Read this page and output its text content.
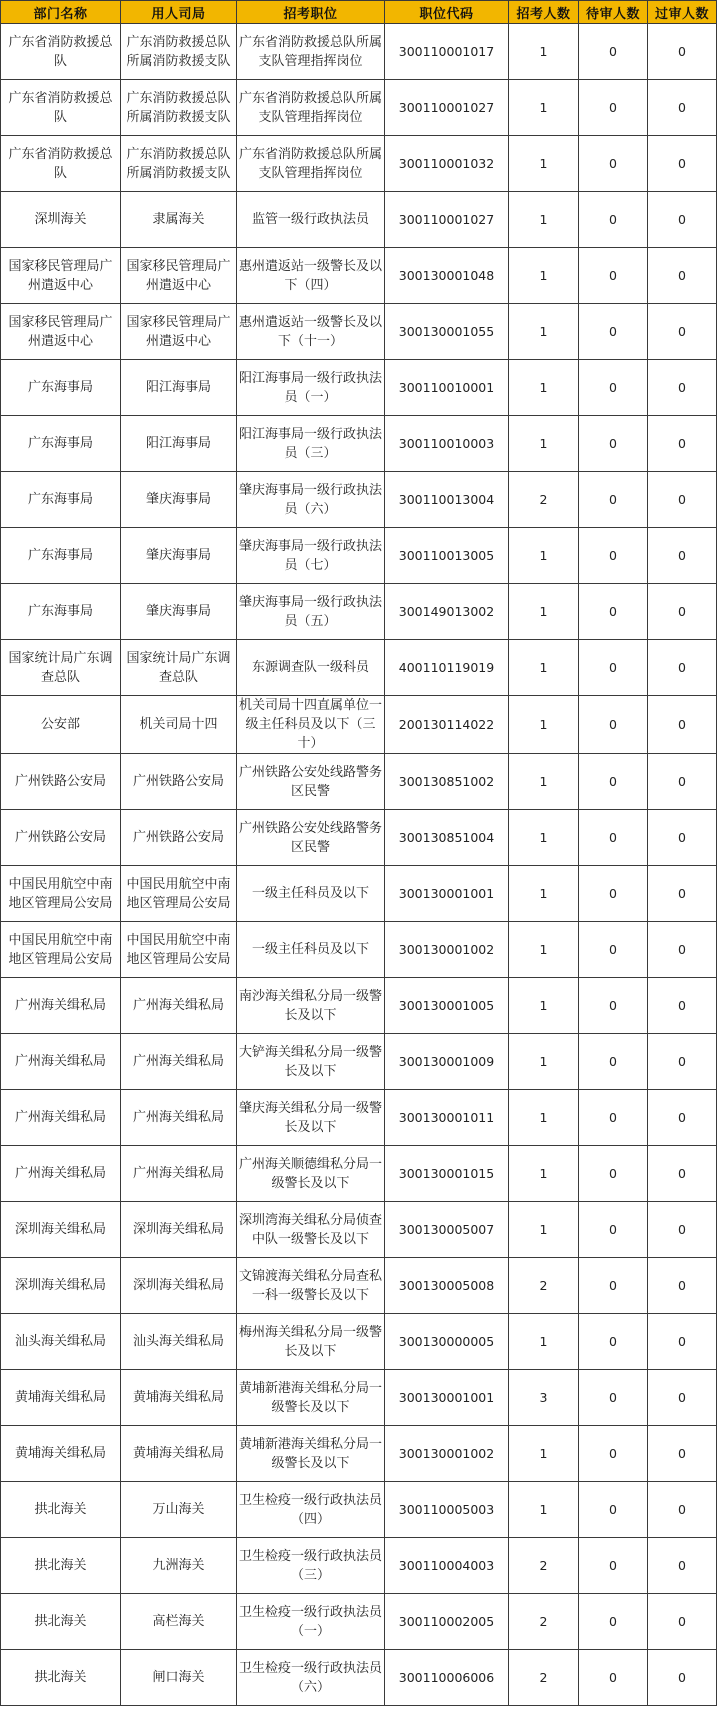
部门名称	用人司局	招考职位	职位代码	招考人数	待审人数	过审人数
广东省消防救援总队	广东消防救援总队所属消防救援支队	广东省消防救援总队所属支队管理指挥岗位	300110001017	1	0	0
广东省消防救援总队	广东消防救援总队所属消防救援支队	广东省消防救援总队所属支队管理指挥岗位	300110001027	1	0	0
广东省消防救援总队	广东消防救援总队所属消防救援支队	广东省消防救援总队所属支队管理指挥岗位	300110001032	1	0	0
深圳海关	隶属海关	监管一级行政执法员	300110001027	1	0	0
国家移民管理局广州遣返中心	国家移民管理局广州遣返中心	惠州遣返站一级警长及以下（四）	300130001048	1	0	0
国家移民管理局广州遣返中心	国家移民管理局广州遣返中心	惠州遣返站一级警长及以下（十一）	300130001055	1	0	0
广东海事局	阳江海事局	阳江海事局一级行政执法员（一）	300110010001	1	0	0
广东海事局	阳江海事局	阳江海事局一级行政执法员（三）	300110010003	1	0	0
广东海事局	肇庆海事局	肇庆海事局一级行政执法员（六）	300110013004	2	0	0
广东海事局	肇庆海事局	肇庆海事局一级行政执法员（七）	300110013005	1	0	0
广东海事局	肇庆海事局	肇庆海事局一级行政执法员（五）	300149013002	1	0	0
国家统计局广东调查总队	国家统计局广东调查总队	东源调查队一级科员	400110119019	1	0	0
公安部	机关司局十四	机关司局十四直属单位一级主任科员及以下（三十）	200130114022	1	0	0
广州铁路公安局	广州铁路公安局	广州铁路公安处线路警务区民警	300130851002	1	0	0
广州铁路公安局	广州铁路公安局	广州铁路公安处线路警务区民警	300130851004	1	0	0
中国民用航空中南地区管理局公安局	中国民用航空中南地区管理局公安局	一级主任科员及以下	300130001001	1	0	0
中国民用航空中南地区管理局公安局	中国民用航空中南地区管理局公安局	一级主任科员及以下	300130001002	1	0	0
广州海关缉私局	广州海关缉私局	南沙海关缉私分局一级警长及以下	300130001005	1	0	0
广州海关缉私局	广州海关缉私局	大铲海关缉私分局一级警长及以下	300130001009	1	0	0
广州海关缉私局	广州海关缉私局	肇庆海关缉私分局一级警长及以下	300130001011	1	0	0
广州海关缉私局	广州海关缉私局	广州海关顺德缉私分局一级警长及以下	300130001015	1	0	0
深圳海关缉私局	深圳海关缉私局	深圳湾海关缉私分局侦查中队一级警长及以下	300130005007	1	0	0
深圳海关缉私局	深圳海关缉私局	文锦渡海关缉私分局查私一科一级警长及以下	300130005008	2	0	0
汕头海关缉私局	汕头海关缉私局	梅州海关缉私分局一级警长及以下	300130000005	1	0	0
黄埔海关缉私局	黄埔海关缉私局	黄埔新港海关缉私分局一级警长及以下	300130001001	3	0	0
黄埔海关缉私局	黄埔海关缉私局	黄埔新港海关缉私分局一级警长及以下	300130001002	1	0	0
拱北海关	万山海关	卫生检疫一级行政执法员（四）	300110005003	1	0	0
拱北海关	九洲海关	卫生检疫一级行政执法员（三）	300110004003	2	0	0
拱北海关	高栏海关	卫生检疫一级行政执法员（一）	300110002005	2	0	0
拱北海关	闸口海关	卫生检疫一级行政执法员（六）	300110006006	2	0	0
